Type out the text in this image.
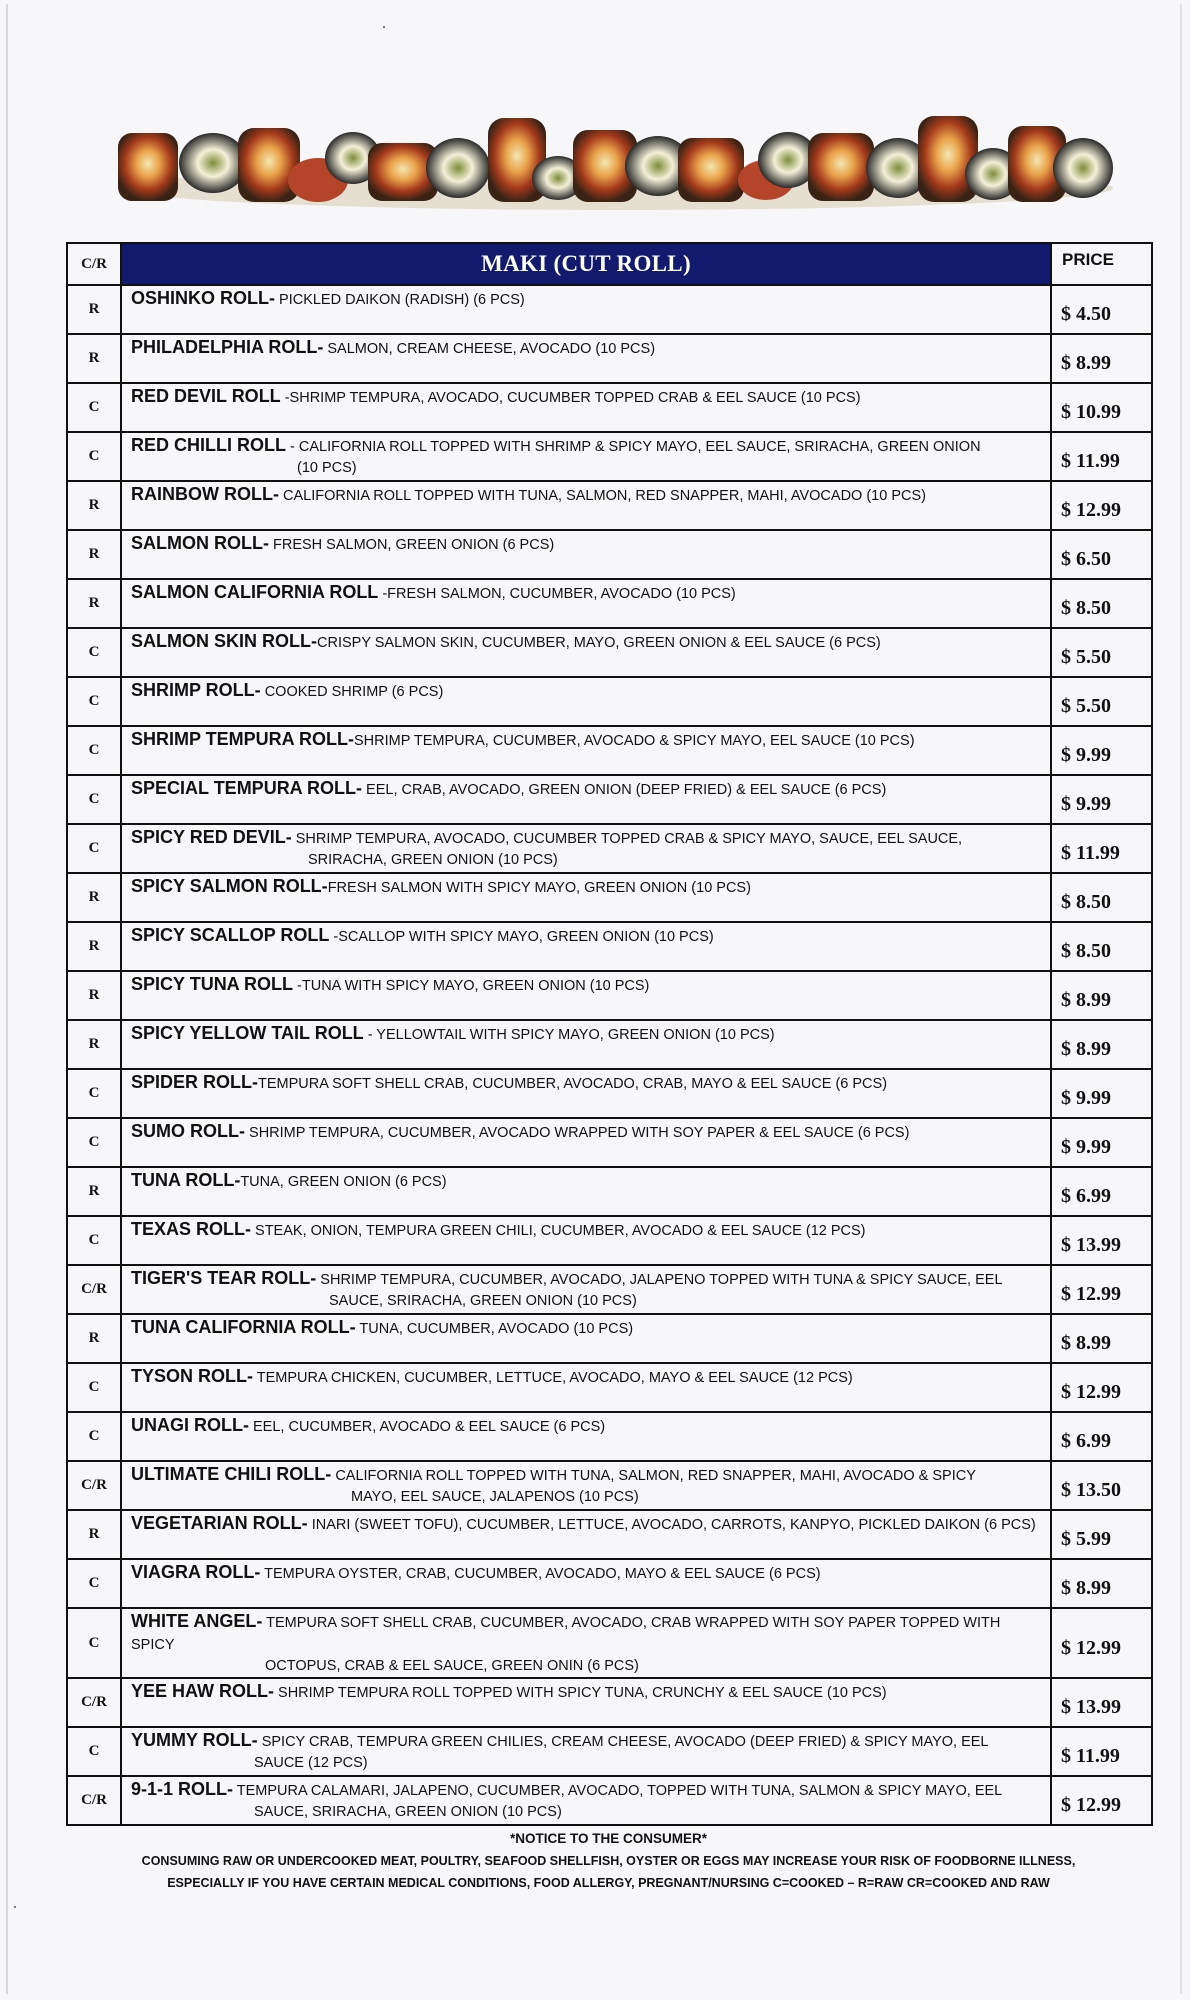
C/R	MAKI (CUT ROLL)	PRICE
R	OSHINKO ROLL- PICKLED DAIKON (RADISH) (6 PCS)	$ 4.50
R	PHILADELPHIA ROLL- SALMON, CREAM CHEESE, AVOCADO (10 PCS)	$ 8.99
C	RED DEVIL ROLL -SHRIMP TEMPURA, AVOCADO, CUCUMBER TOPPED CRAB & EEL SAUCE (10 PCS)	$ 10.99
C	RED CHILLI ROLL - CALIFORNIA ROLL TOPPED WITH SHRIMP & SPICY MAYO, EEL SAUCE, SRIRACHA, GREEN ONION
(10 PCS)	$ 11.99
R	RAINBOW ROLL- CALIFORNIA ROLL TOPPED WITH TUNA, SALMON, RED SNAPPER, MAHI, AVOCADO (10 PCS)	$ 12.99
R	SALMON ROLL- FRESH SALMON, GREEN ONION (6 PCS)	$ 6.50
R	SALMON CALIFORNIA ROLL -FRESH SALMON, CUCUMBER, AVOCADO (10 PCS)	$ 8.50
C	SALMON SKIN ROLL-CRISPY SALMON SKIN, CUCUMBER, MAYO, GREEN ONION & EEL SAUCE (6 PCS)	$ 5.50
C	SHRIMP ROLL- COOKED SHRIMP (6 PCS)	$ 5.50
C	SHRIMP TEMPURA ROLL-SHRIMP TEMPURA, CUCUMBER, AVOCADO & SPICY MAYO, EEL SAUCE (10 PCS)	$ 9.99
C	SPECIAL TEMPURA ROLL- EEL, CRAB, AVOCADO, GREEN ONION (DEEP FRIED) & EEL SAUCE (6 PCS)	$ 9.99
C	SPICY RED DEVIL- SHRIMP TEMPURA, AVOCADO, CUCUMBER TOPPED CRAB & SPICY MAYO, SAUCE, EEL SAUCE,
SRIRACHA, GREEN ONION (10 PCS)	$ 11.99
R	SPICY SALMON ROLL-FRESH SALMON WITH SPICY MAYO, GREEN ONION (10 PCS)	$ 8.50
R	SPICY SCALLOP ROLL -SCALLOP WITH SPICY MAYO, GREEN ONION (10 PCS)	$ 8.50
R	SPICY TUNA ROLL -TUNA WITH SPICY MAYO, GREEN ONION (10 PCS)	$ 8.99
R	SPICY YELLOW TAIL ROLL - YELLOWTAIL WITH SPICY MAYO, GREEN ONION (10 PCS)	$ 8.99
C	SPIDER ROLL-TEMPURA SOFT SHELL CRAB, CUCUMBER, AVOCADO, CRAB, MAYO & EEL SAUCE (6 PCS)	$ 9.99
C	SUMO ROLL- SHRIMP TEMPURA, CUCUMBER, AVOCADO WRAPPED WITH SOY PAPER & EEL SAUCE (6 PCS)	$ 9.99
R	TUNA ROLL-TUNA, GREEN ONION (6 PCS)	$ 6.99
C	TEXAS ROLL- STEAK, ONION, TEMPURA GREEN CHILI, CUCUMBER, AVOCADO & EEL SAUCE (12 PCS)	$ 13.99
C/R	TIGER'S TEAR ROLL- SHRIMP TEMPURA, CUCUMBER, AVOCADO, JALAPENO TOPPED WITH TUNA & SPICY SAUCE, EEL
SAUCE, SRIRACHA, GREEN ONION (10 PCS)	$ 12.99
R	TUNA CALIFORNIA ROLL- TUNA, CUCUMBER, AVOCADO (10 PCS)	$ 8.99
C	TYSON ROLL- TEMPURA CHICKEN, CUCUMBER, LETTUCE, AVOCADO, MAYO & EEL SAUCE (12 PCS)	$ 12.99
C	UNAGI ROLL- EEL, CUCUMBER, AVOCADO & EEL SAUCE (6 PCS)	$ 6.99
C/R	ULTIMATE CHILI ROLL- CALIFORNIA ROLL TOPPED WITH TUNA, SALMON, RED SNAPPER, MAHI, AVOCADO & SPICY
MAYO, EEL SAUCE, JALAPENOS (10 PCS)	$ 13.50
R	VEGETARIAN ROLL- INARI (SWEET TOFU), CUCUMBER, LETTUCE, AVOCADO, CARROTS, KANPYO, PICKLED DAIKON (6 PCS)	$ 5.99
C	VIAGRA ROLL- TEMPURA OYSTER, CRAB, CUCUMBER, AVOCADO, MAYO & EEL SAUCE (6 PCS)	$ 8.99
C	WHITE ANGEL- TEMPURA SOFT SHELL CRAB, CUCUMBER, AVOCADO, CRAB WRAPPED WITH SOY PAPER TOPPED WITH SPICY
OCTOPUS, CRAB & EEL SAUCE, GREEN ONIN (6 PCS)	$ 12.99
C/R	YEE HAW ROLL- SHRIMP TEMPURA ROLL TOPPED WITH SPICY TUNA, CRUNCHY & EEL SAUCE (10 PCS)	$ 13.99
C	YUMMY ROLL- SPICY CRAB, TEMPURA GREEN CHILIES, CREAM CHEESE, AVOCADO (DEEP FRIED) & SPICY MAYO, EEL
SAUCE (12 PCS)	$ 11.99
C/R	9-1-1 ROLL- TEMPURA CALAMARI, JALAPENO, CUCUMBER, AVOCADO, TOPPED WITH TUNA, SALMON & SPICY MAYO, EEL
SAUCE, SRIRACHA, GREEN ONION (10 PCS)	$ 12.99
*NOTICE TO THE CONSUMER*
CONSUMING RAW OR UNDERCOOKED MEAT, POULTRY, SEAFOOD SHELLFISH, OYSTER OR EGGS MAY INCREASE YOUR RISK OF FOODBORNE ILLNESS,
ESPECIALLY IF YOU HAVE CERTAIN MEDICAL CONDITIONS, FOOD ALLERGY, PREGNANT/NURSING C=COOKED – R=RAW CR=COOKED AND RAW
